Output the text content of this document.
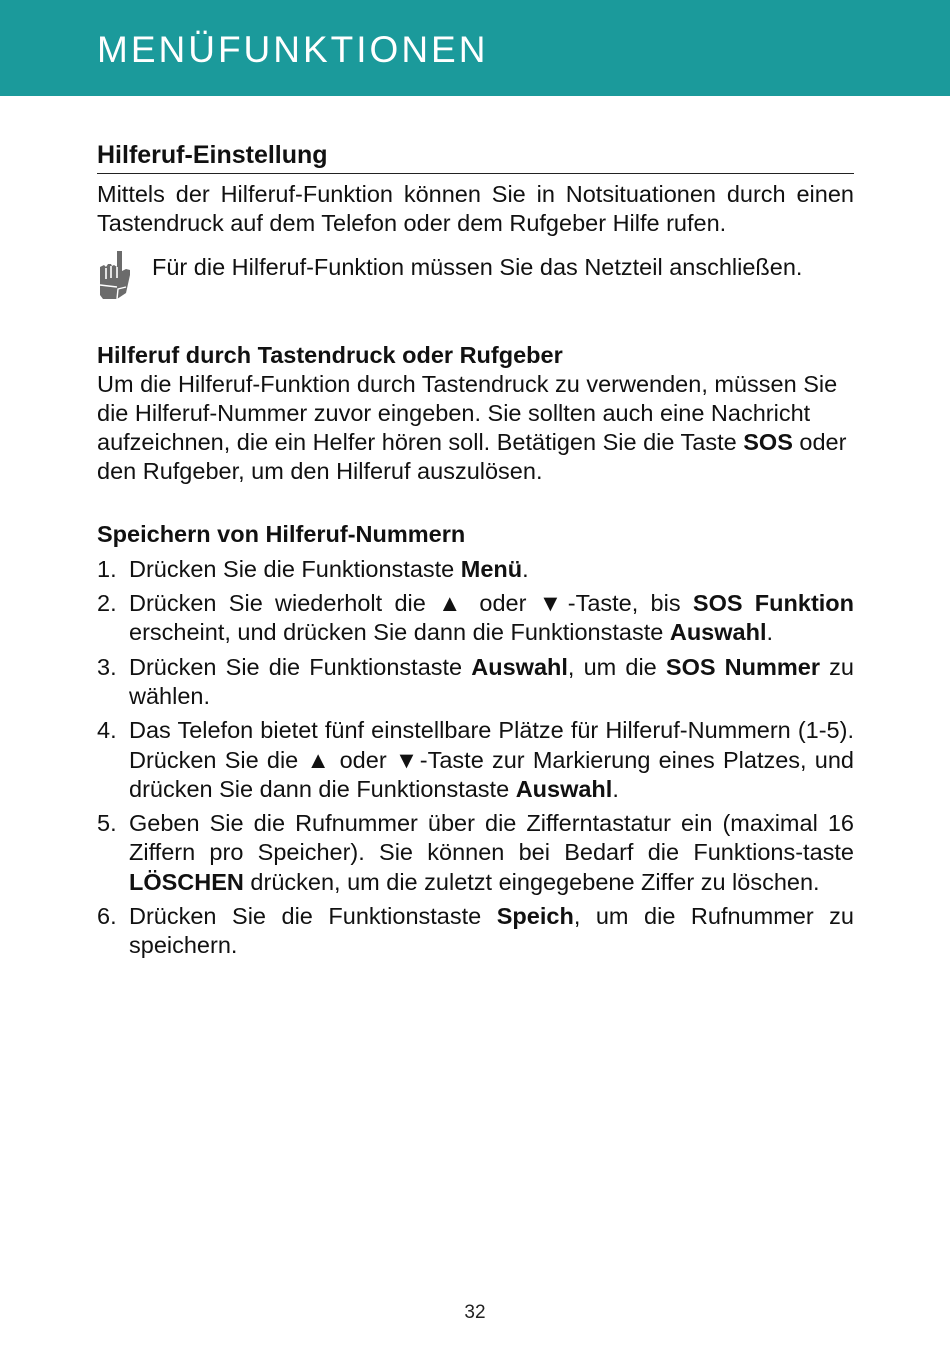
MENÜFUNKTIONEN
Hilferuf-Einstellung

Mittels der Hilferuf-Funktion können Sie in Notsituationen durch einen Tastendruck auf dem Telefon oder dem Rufgeber Hilfe rufen.

Für die Hilferuf-Funktion müssen Sie das Netzteil anschließen.
Hilferuf durch Tastendruck oder Rufgeber

Um die Hilferuf-Funktion durch Tastendruck zu verwenden, müssen Sie die Hilferuf-Nummer zuvor eingeben. Sie sollten auch eine Nachricht aufzeichnen, die ein Helfer hören soll. Betätigen Sie die Taste SOS oder den Rufgeber, um den Hilferuf auszulösen.

Speichern von Hilferuf-Nummern
1. Drücken Sie die Funktionstaste Menü.
2. Drücken Sie wiederholt die ▲ oder ▼-Taste, bis SOS Funktion erscheint, und drücken Sie dann die Funktionstaste Auswahl.
3. Drücken Sie die Funktionstaste Auswahl, um die SOS Nummer zu wählen.
4. Das Telefon bietet fünf einstellbare Plätze für Hilferuf-Nummern (1-5). Drücken Sie die ▲ oder ▼-Taste zur Markierung eines Platzes, und drücken Sie dann die Funktionstaste Auswahl.
5. Geben Sie die Rufnummer über die Zifferntastatur ein (maximal 16 Ziffern pro Speicher). Sie können bei Bedarf die Funktions-taste LÖSCHEN drücken, um die zuletzt eingegebene Ziffer zu löschen.
6. Drücken Sie die Funktionstaste Speich, um die Rufnummer zu speichern.
32
